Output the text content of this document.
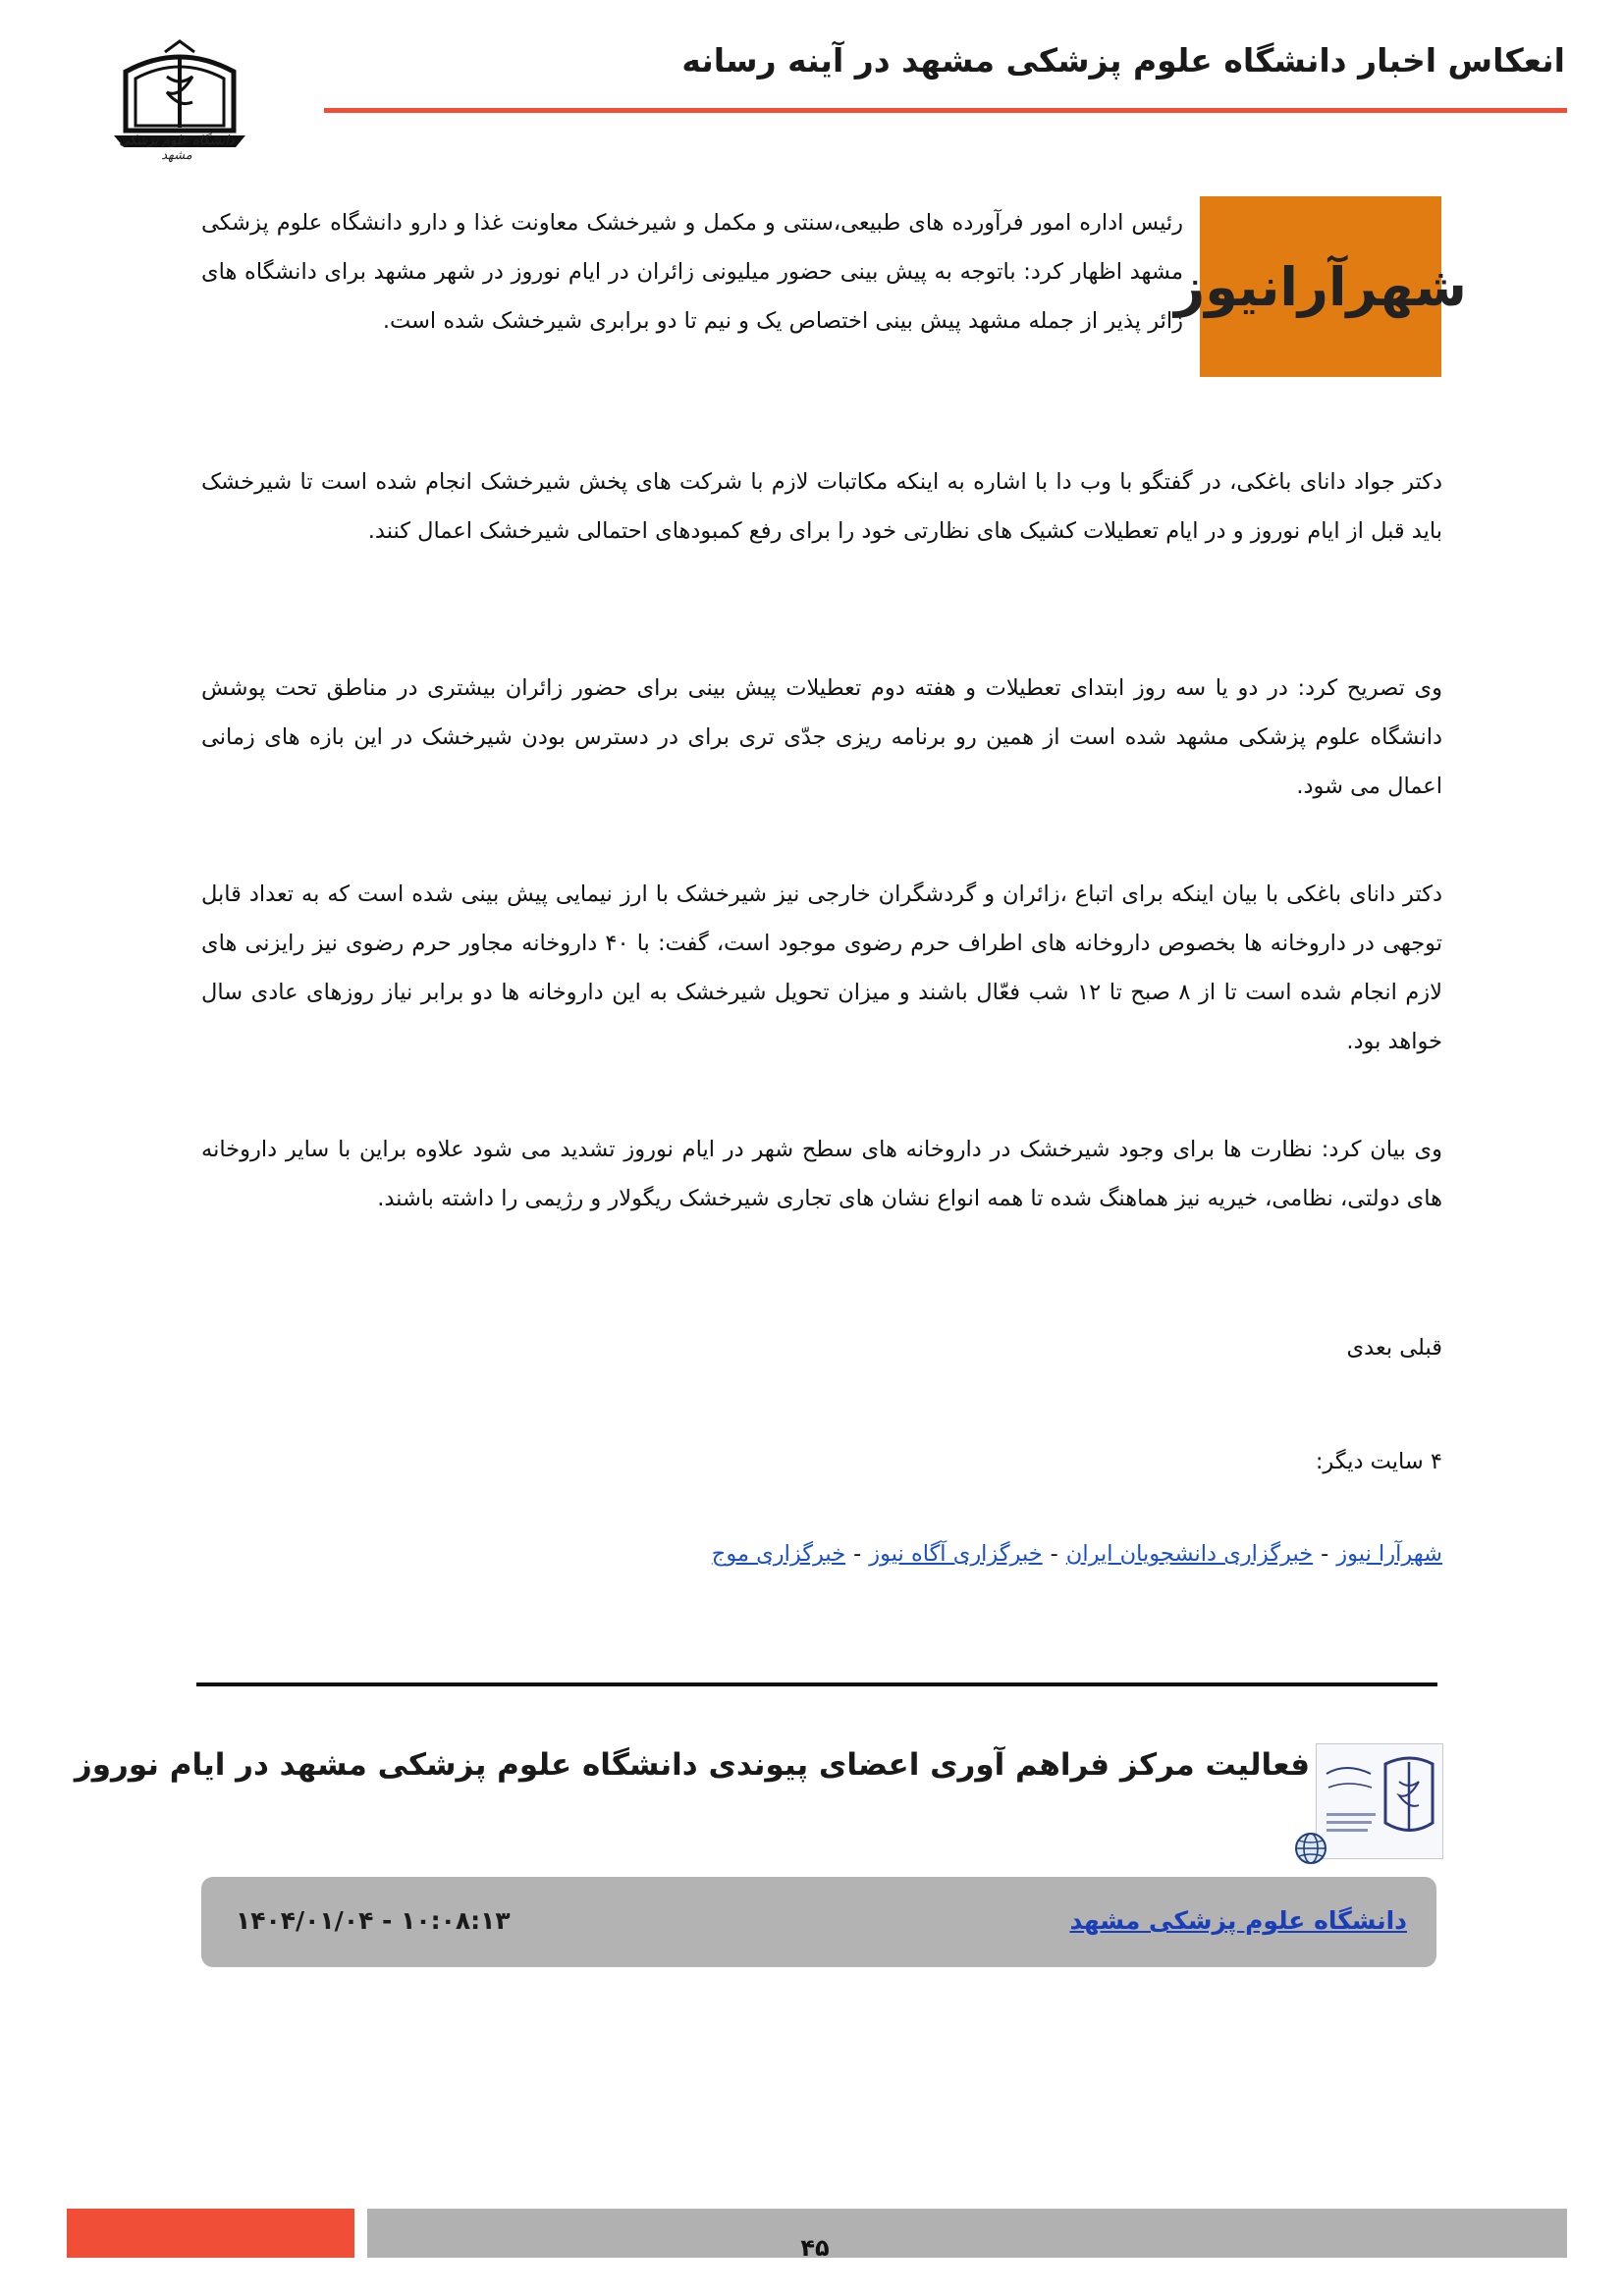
انعکاس اخبار دانشگاه علوم پزشکی مشهد در آینه رسانه
دانشگاه علوم پزشکی مشهد
شهرآرانیوز
رئیس اداره امور فرآورده های طبیعی،سنتی و مکمل و شیرخشک معاونت غذا و دارو دانشگاه علوم پزشکی مشهد اظهار کرد: باتوجه به پیش بینی حضور میلیونی زائران در ایام نوروز در شهر مشهد برای دانشگاه های زائر پذیر از جمله مشهد پیش بینی اختصاص یک و نیم تا دو برابری شیرخشک شده است.
دکتر جواد دانای باغکی، در گفتگو با وب دا با اشاره به اینکه مکاتبات لازم با شرکت های پخش شیرخشک انجام شده است تا شیرخشک باید قبل از ایام نوروز و در ایام تعطیلات کشیک های نظارتی خود را برای رفع کمبودهای احتمالی شیرخشک اعمال کنند.
وی تصریح کرد: در دو یا سه روز ابتدای تعطیلات و هفته دوم تعطیلات پیش بینی برای حضور زائران بیشتری در مناطق تحت پوشش دانشگاه علوم پزشکی مشهد شده است از همین رو برنامه ریزی جدّی تری برای در دسترس بودن شیرخشک در این بازه های زمانی اعمال می شود.
دکتر دانای باغکی با بیان اینکه برای اتباع ،زائران و گردشگران خارجی نیز شیرخشک با ارز نیمایی پیش بینی شده است که به تعداد قابل توجهی در داروخانه ها بخصوص داروخانه های اطراف حرم رضوی موجود است، گفت: با ۴۰ داروخانه مجاور حرم رضوی نیز رایزنی های لازم انجام شده است تا از ۸ صبح تا ۱۲ شب فعّال باشند و میزان تحویل شیرخشک به این داروخانه ها دو برابر نیاز روزهای عادی سال خواهد بود.
وی بیان کرد: نظارت ها برای وجود شیرخشک در داروخانه های سطح شهر در ایام نوروز تشدید می شود علاوه براین با سایر داروخانه های دولتی، نظامی، خیریه نیز هماهنگ شده تا همه انواع نشان های تجاری شیرخشک ریگولار و رژیمی را داشته باشند.
قبلی بعدی
۴ سایت دیگر:
شهرآرا نیوز-خبرگزاری دانشجویان ایران-خبرگزاری آگاه نیوز-خبرگزاری موج
فعالیت مرکز فراهم آوری اعضای پیوندی دانشگاه علوم پزشکی مشهد در ایام نوروز
دانشگاه علوم پزشکی مشهد
۱۴۰۴/۰۱/۰۴ - ۱۰:۰۸:۱۳
۴۵
